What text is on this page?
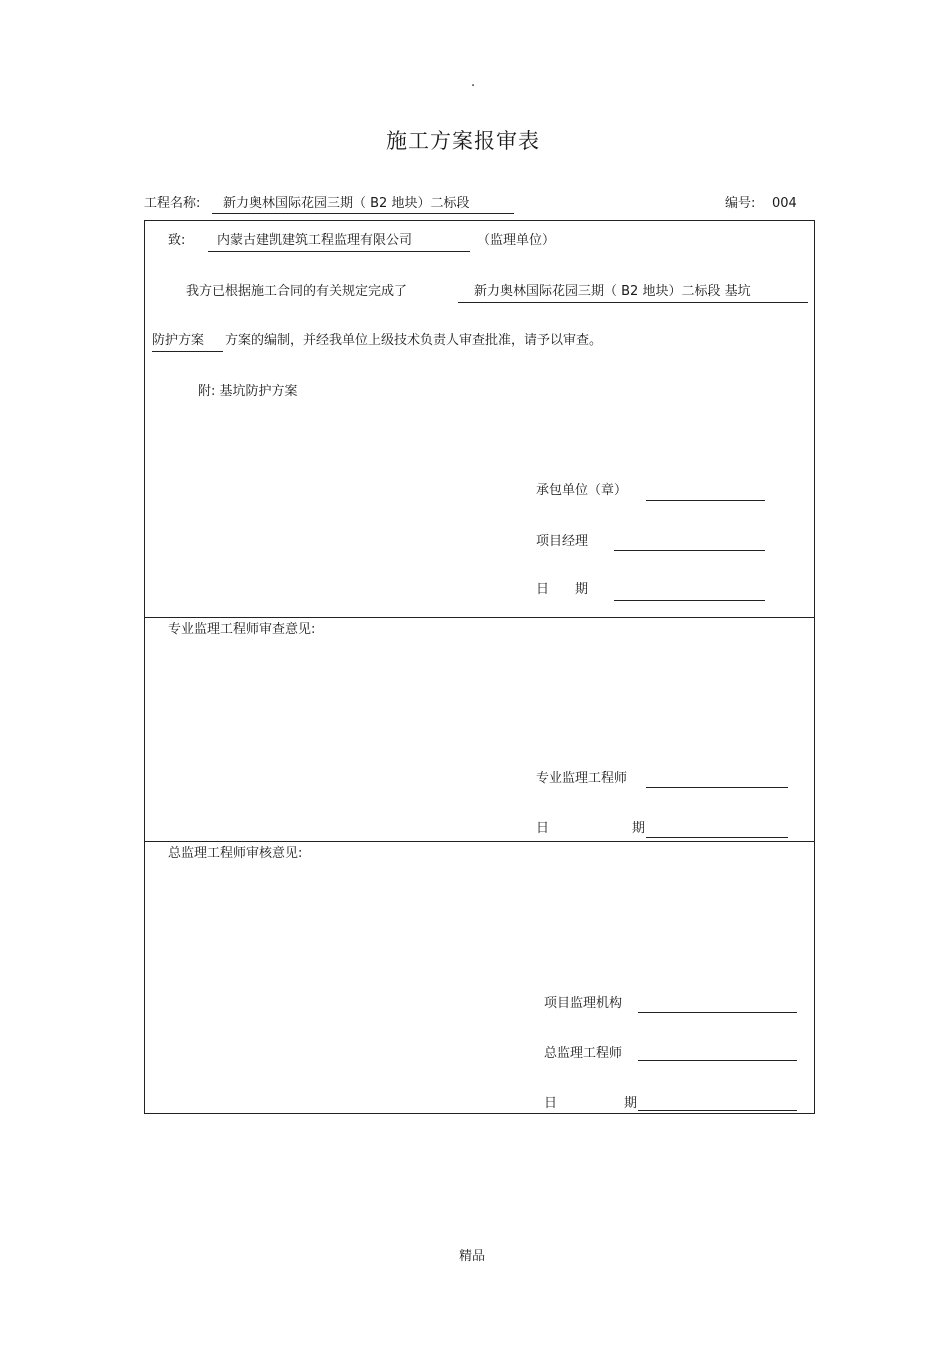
.
施工方案报审表
工程名称: 新力奥林国际花园三期（ B2 地块）二标段	编号: 004
致: 内蒙古建凯建筑工程监理有限公司	（监理单位）
我方已根据施工合同的有关规定完成了	新力奥林国际花园三期（ B2 地块）二标段 基坑
防护方案 方案的编制，并经我单位上级技术负责人审查批准，请予以审查。
附: 基坑防护方案
承包单位（章）
项目经理
日　　期
专业监理工程师审查意见:
专业监理工程师
日	期
总监理工程师审核意见:
项目监理机构
总监理工程师
日	期
精品
